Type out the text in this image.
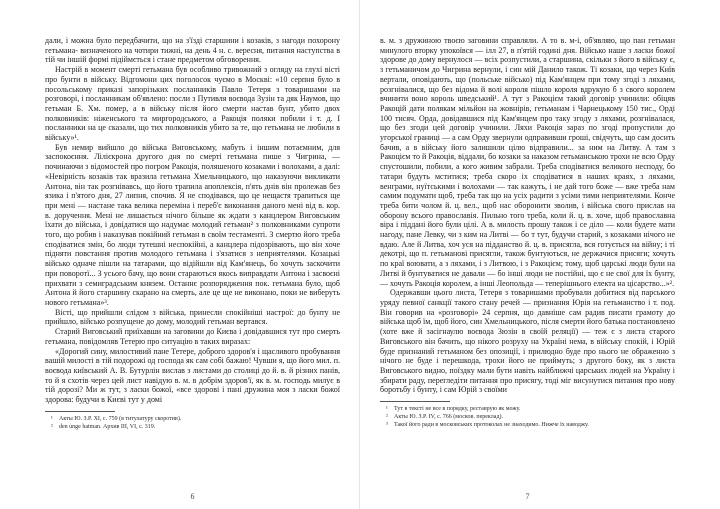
дали, і можна було передбачити, що на з'їзді старшини і козаків, з нагоди похорону гетьмана- визначеного на чотири тижні, на день 4 н. с. вересня, питання наступства в тій чи іншій формі підіймється і стане предметом обговорення.

Настрій в момент смерті гетьмана був особливо тривожний з огляду на глухі вісті про бунти в війську. Відгомони цих поголосок чуємо в Москві: «10 серпня було в посольському приказі запорізьких посланників Павло Тетеря з товаришами на розговорі, і посланникам об'явлено: посли з Путивля воєвода Зузін та дяк Наумов, що гетьман Б. Хм. помер, а в війську після його смерти настав бунт, убито двох полковників: ніженського та миргородського, а Ракоція поляки побили і т. д. І посланники на це сказали, що тих полковників убито за те, що гетьмана не любили в війську»¹.

Був немир вийшло до війська Виговському, мабуть і іншим потаємним, для заспокоєння. Лілієкрона другого дня по смерті гетьмана пише з Чигрина, — починаючи з відомостей про погром Ракоція, поляшеного козаками і волохами, а далі: «Невірність козаків так вразила гетьмана Хмельницького, що наказуючи викликати Антона, він так розгнівавсь, що його трапила апоплексія, п'ять днів він пролежав без язика і п'ятого дня, 27 липня, спочив. Я не сподівався, що це нещастя трапиться ще при мені — настане така велика переміна і переб'є виконання даного мені від в. кор. в. доручення. Мені не лишається нічого більше як ждати з канцлером Виговським їхати до війська, і довідатися що надумає молодий гетьман² з полковниками супроти того, що робив і наказував покійний гетьман в своїм тестаменті. З смертю його треба сподіватися змін, бо люди тутешні неспокійні, а канцлера підозрівають, що він хоче підняти повстання против молодого гетьмана і з'язатися з неприятелями. Козацькі військо одначе пішли на татарами, що відійшли від Кам'янець, бо хочуть заскочити при поворотї... З усього бачу, що вони стараються якось виправдати Антона і засвоєні прихвати з семиградським князем. Останнє розпорядження пок. гетьмана було, щоб Антона й його старшину скарано на смерть, але це ще не виконано, поки не виберуть нового гетьмана»³.

Вісті, що прийшли слідом з війська, принесли спокійніші настрої: до бунту не прийшло, військо розпущене до дому, молодий гетьман вертався.

Старий Виговський приїхавши на заговини до Києва і довідавшися тут про смерть гетьмана, повідомляв Тетерю про ситуацію в таких виразах:

«Дорогий сину, милостивий пане Тетере, доброго здоров'я і щасливого пробування вашій милості в тій подорожі од господа як сам собі бажаю! Чувши я, що його мил. п. воєвода київський А. В. Бутурлін вислав з листами до столиці до й. в. й різних панів, то й я схотів через цей лист навідую в. м. в добрім здоров'ї, як в. м. господь милує в тій дорозі? Ми ж тут, з ласки божої, «все здорові і пані дружина моя з ласки божої здорова: будучи в Києві тут у домі

¹ Акты Ю. З.Р. XI, с. 759 (в титулатуру скоротив).

² den unge hatman. Архив III, VI, с. 319.

6

в. м. з дружиною твоєю заговини справляли. А то в. м-і, об'являю, що пан гетьман минулого вторку упокоївся — ілл 27, в п'ятій годині дня. Військо наше з ласки божої здорове до дому вернулося — всіх розпустили, а старшина, скільки з його в війську є, з гетьманичом до Чигрина вернули, і син мій Данило також. Ті козаки, що через Київ вертали, оповідають, що (польське військо) під Кам'янцем при тому згоді з ляхами, розгнівалися, що без відома й волі короля пішло короля вдрукую б з свого королем вчинити воно король шведський¹. А тут з Ракоцієм такий договір учинили: обіцяв Ракоцій дати полякам мільйон на жовнірів, гетьманам і Чарнецькому 150 тис., Орді 100 тисяч. Орда, довідавшися під Кам'янцем про таку згоду з ляхами, розгнівалася, що без згоди цей договір учинили. Ляхи Ракоція зараз по згоді пропустили до угорської границі — а сам Орду звернули одправивши гроші, свідчуть, що сам досить бачив, а в війську його залишили цілю відправили... за ним на Литву. А там з Ракоцієм то й Ракоція, віддали, бо козаки за наказом гетьманською трохи не всю Орду спустошили, побили, а кого живим забрали. Треба сподіватися великого несподу, бо татари будуть мститися; треба скоро іх сподіватися в наших краях, з ляхами, венграми, нуїтськими і волохами — так кажуть, і не дай того боже — вже треба нам самим подумати щоб, треба так що на усіх радити з усіми тими неприятелями. Конче треба бити чолом й. ц. вел., щоб нас оборонити зволив, і війська свого прислав на оборону всього православія. Пильно того треба, коли й. ц. в. хоче, щоб православна віра і піддані його були цілі. А в. милость прошу також і се діло — коли будете мати нагоду, пане Левку, чи з ким на Литві — бо т тут, будучи старий, з козаками нічого не вдаю. Але й Литва, хоч уся на підданство й. ц. в. присягла, вся готується на війну; і ті декотрі, що п. гетьманові присягли, також бунтуються, не держачися присяги; хочуть по краї воювати, а з ляхами, і з Литвою, і з Ракоцієм; тому, щоб царські люди були на Литві й бунтуватися не давали — бо інші люди не постійні, що є не свої для їх бунту, — хочуть Ракоція королем, а інші Леопольда — теперішнього електа на цісарство...»².

Одержавши цього листа, Тетеря з товаришами пробували добитися від парського уряду певної санкції такого стану речей — признання Юрія на гетьманство і т. под. Він говорив на «розговорі» 24 серпня, що давніше сам радив писати грамоту до війська щоб їм, щоб його, син Хмельницького, після смерти його батька постановлено (хоте вже й засігнаулю воєвода Зюзін в своїй реляції) — теж є з листа старого Виговського він бачить, що нікого розруху на Україні нема, в війську спокій, і Юрій буде признаний гетьманом без опозиції, і прилюдно буде про нього не ображенно з нічого не буде і перешкода, трохи його не приймуть; з другого боку, як з листа Виговського видно, поїздку мали бути навіть найближчі царських людей на Україну і збирати раду, перегледіти питання про присягу, тоді міг висунутися питання про нову боротьбу і бунту, і сам Юрій з своїми

¹ Тут в тексті не все в порядку, реставрую як можу.

² Акты Ю. З.Р. IV, с. 766 (москов. переклад).

³ Такої його ради в московських протоколах не знаходимо. Нижче їх наводжу.

7
